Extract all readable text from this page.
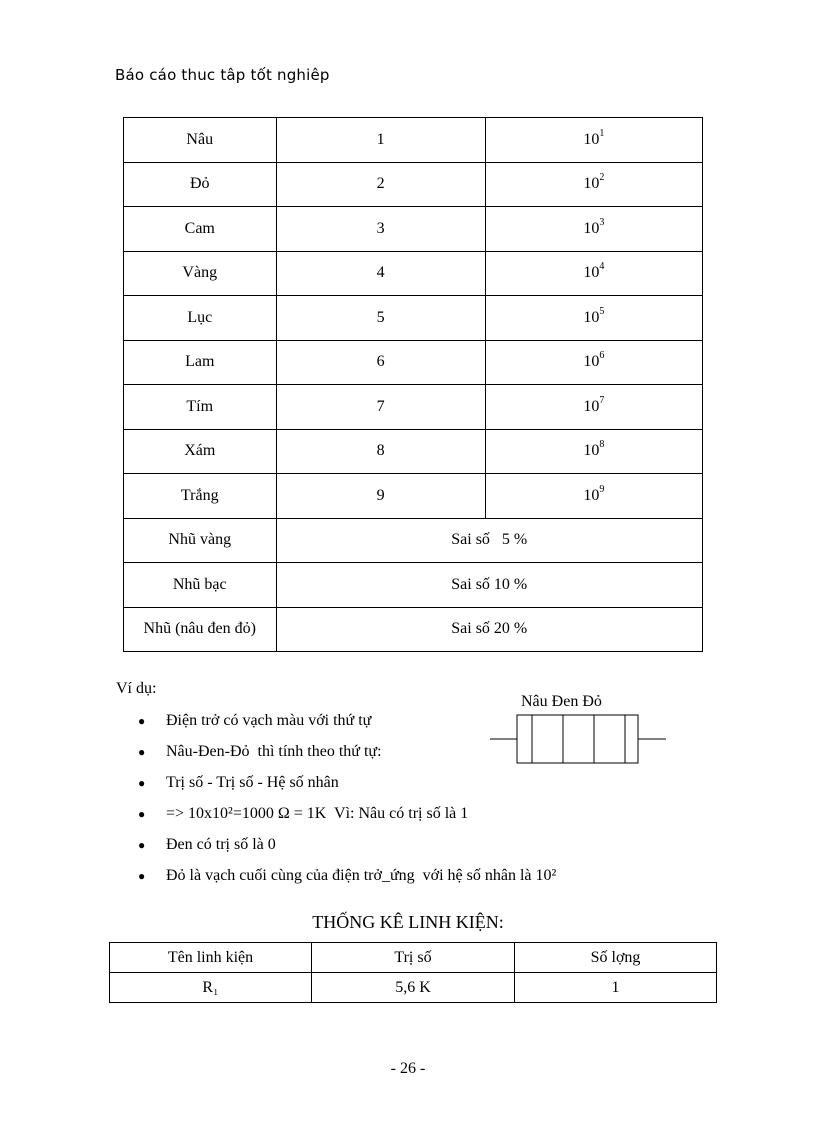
Báo cáo thuc tâp tốt nghiêp
Nâu	1	$10^1$
Đỏ	2	$10^2$
Cam	3	$10^3$
Vàng	4	$10^4$
Lục	5	$10^5$
Lam	6	$10^6$
Tím	7	$10^7$
Xám	8	$10^8$
Trắng	9	$10^9$
Nhũ vàng	Sai số   5 %	
Nhũ bạc	Sai số 10 %	
Nhũ (nâu đen đỏ)	Sai số 20 %	
Ví dụ:
● Điện trở có vạch màu với thứ tự
● Nâu-Đen-Đỏ  thì tính theo thứ tự:
● Trị số - Trị số - Hệ số nhân
● => 10x10²=1000 Ω = 1K  Vì: Nâu có trị số là 1
● Đen có trị số là 0
● Đỏ là vạch cuối cùng của điện trở_ứng  với hệ số nhân là 10²
Nâu Đen Đỏ
THỐNG KÊ LINH KIỆN:
Tên linh kiện	Trị số	Số lợng
R₁	5,6 K	1
- 26 -
